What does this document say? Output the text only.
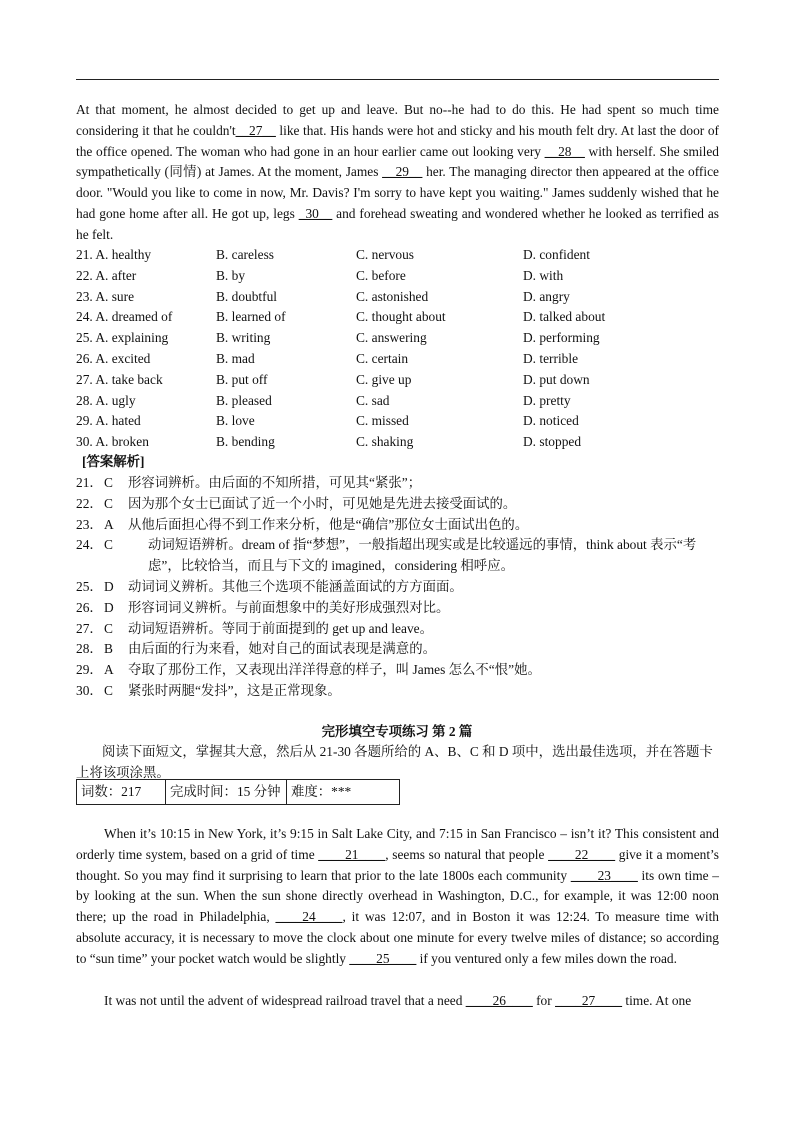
At that moment, he almost decided to get up and leave. But no--he had to do this. He had spent so much time considering it that he couldn't__27__ like that. His hands were hot and sticky and his mouth felt dry. At last the door of the office opened. The woman who had gone in an hour earlier came out looking very __28__ with herself. She smiled sympathetically (同情) at James. At the moment, James __29__ her. The managing director then appeared at the office door. "Would you like to come in now, Mr. Davis? I'm sorry to have kept you waiting." James suddenly wished that he had gone home after all. He got up, legs _30__ and forehead sweating and wondered whether he looked as terrified as he felt.

21. A. healthy	B. careless	C. nervous	D. confident
22. A. after	B. by	C. before	D. with
23. A. sure	B. doubtful	C. astonished	D. angry
24. A. dreamed of	B. learned of	C. thought about	D. talked about
25. A. explaining	B. writing	C. answering	D. performing
26. A. excited	B. mad	C. certain	D. terrible
27. A. take back	B. put off	C. give up	D. put down
28. A. ugly	B. pleased	C. sad	D. pretty
29. A. hated	B. love	C. missed	D. noticed
30. A. broken	B. bending	C. shaking	D. stopped
[答案解析]
21． C 形容词辨析。由后面的不知所措，可见其“紧张”；
22． C 因为那个女士已面试了近一个小时，可见她是先进去接受面试的。
23． A 从他后面担心得不到工作来分析，他是“确信”那位女士面试出色的。
24． C	动词短语辨析。dream of 指“梦想”，一般指超出现实或是比较遥远的事情，think about 表示“考虑”，比较恰当，而且与下文的 imagined，considering 相呼应。
25． D 动词词义辨析。其他三个选项不能涵盖面试的方方面面。
26． D 形容词词义辨析。与前面想象中的美好形成强烈对比。
27． C 动词短语辨析。等同于前面提到的 get up and leave。
28． B 由后面的行为来看，她对自己的面试表现是满意的。
29． A 夺取了那份工作，又表现出洋洋得意的样子，叫 James 怎么不“恨”她。
30． C 紧张时两腿“发抖”，这是正常现象。
完形填空专项练习 第 2 篇

阅读下面短文，掌握其大意，然后从 21-30 各题所给的 A、B、C 和 D 项中，选出最佳选项，并在答题卡上将该项涂黑。

词数：217	完成时间：15 分钟	难度：***

When it’s 10:15 in New York, it’s 9:15 in Salt Lake City, and 7:15 in San Francisco – isn’t it? This consistent and orderly time system, based on a grid of time ____21____, seems so natural that people ____22____ give it a moment’s thought. So you may find it surprising to learn that prior to the late 1800s each community ____23____ its own time – by looking at the sun. When the sun shone directly overhead in Washington, D.C., for example, it was 12:00 noon there; up the road in Philadelphia, ____24____, it was 12:07, and in Boston it was 12:24. To measure time with absolute accuracy, it is necessary to move the clock about one minute for every twelve miles of distance; so according to “sun time” your pocket watch would be slightly ____25____ if you ventured only a few miles down the road.

It was not until the advent of widespread railroad travel that a need ____26____ for ____27____ time. At one
